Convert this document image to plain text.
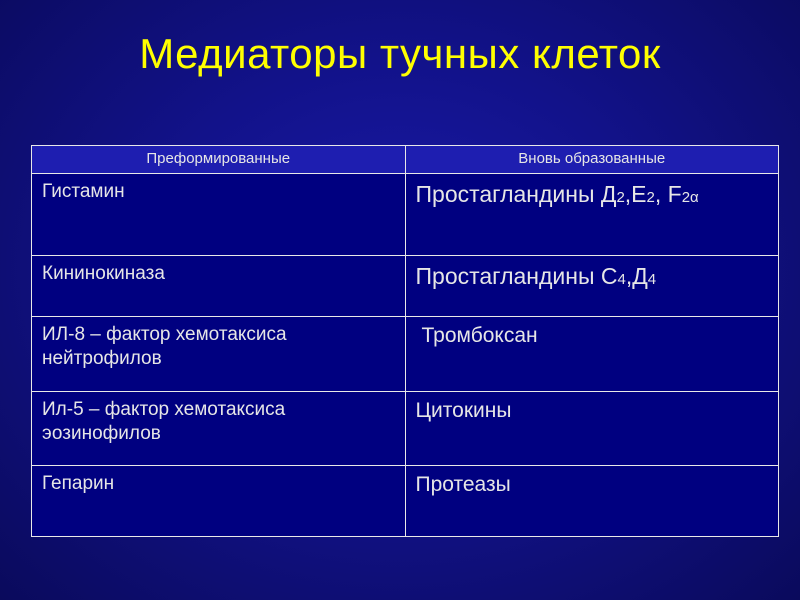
Медиаторы тучных клеток
Преформированные	Вновь образованные
Гистамин	Простагландины Д2,Е2, F2α
Кининокиназа	Простагландины С4,Д4

ИЛ-8 – фактор хемотаксиса
нейтрофилов	Тромбоксан

Ил-5 – фактор хемотаксиса
эозинофилов	Цитокины
Гепарин	Протеазы
